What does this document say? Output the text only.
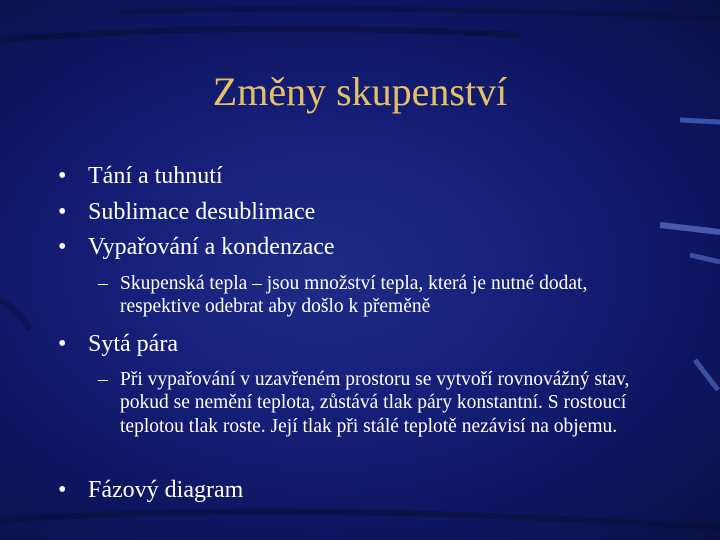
Změny skupenství
• Tání a tuhnutí
• Sublimace desublimace
• Vypařování a kondenzace
– Skupenská tepla – jsou množství tepla, která je nutné dodat, respektive odebrat aby došlo k přeměně
• Sytá pára
– Při vypařování v uzavřeném prostoru se vytvoří rovnovážný stav, pokud se nemění teplota, zůstává tlak páry konstantní. S rostoucí teplotou tlak roste. Její tlak při stálé teplotě nezávisí na objemu.
• Fázový diagram
